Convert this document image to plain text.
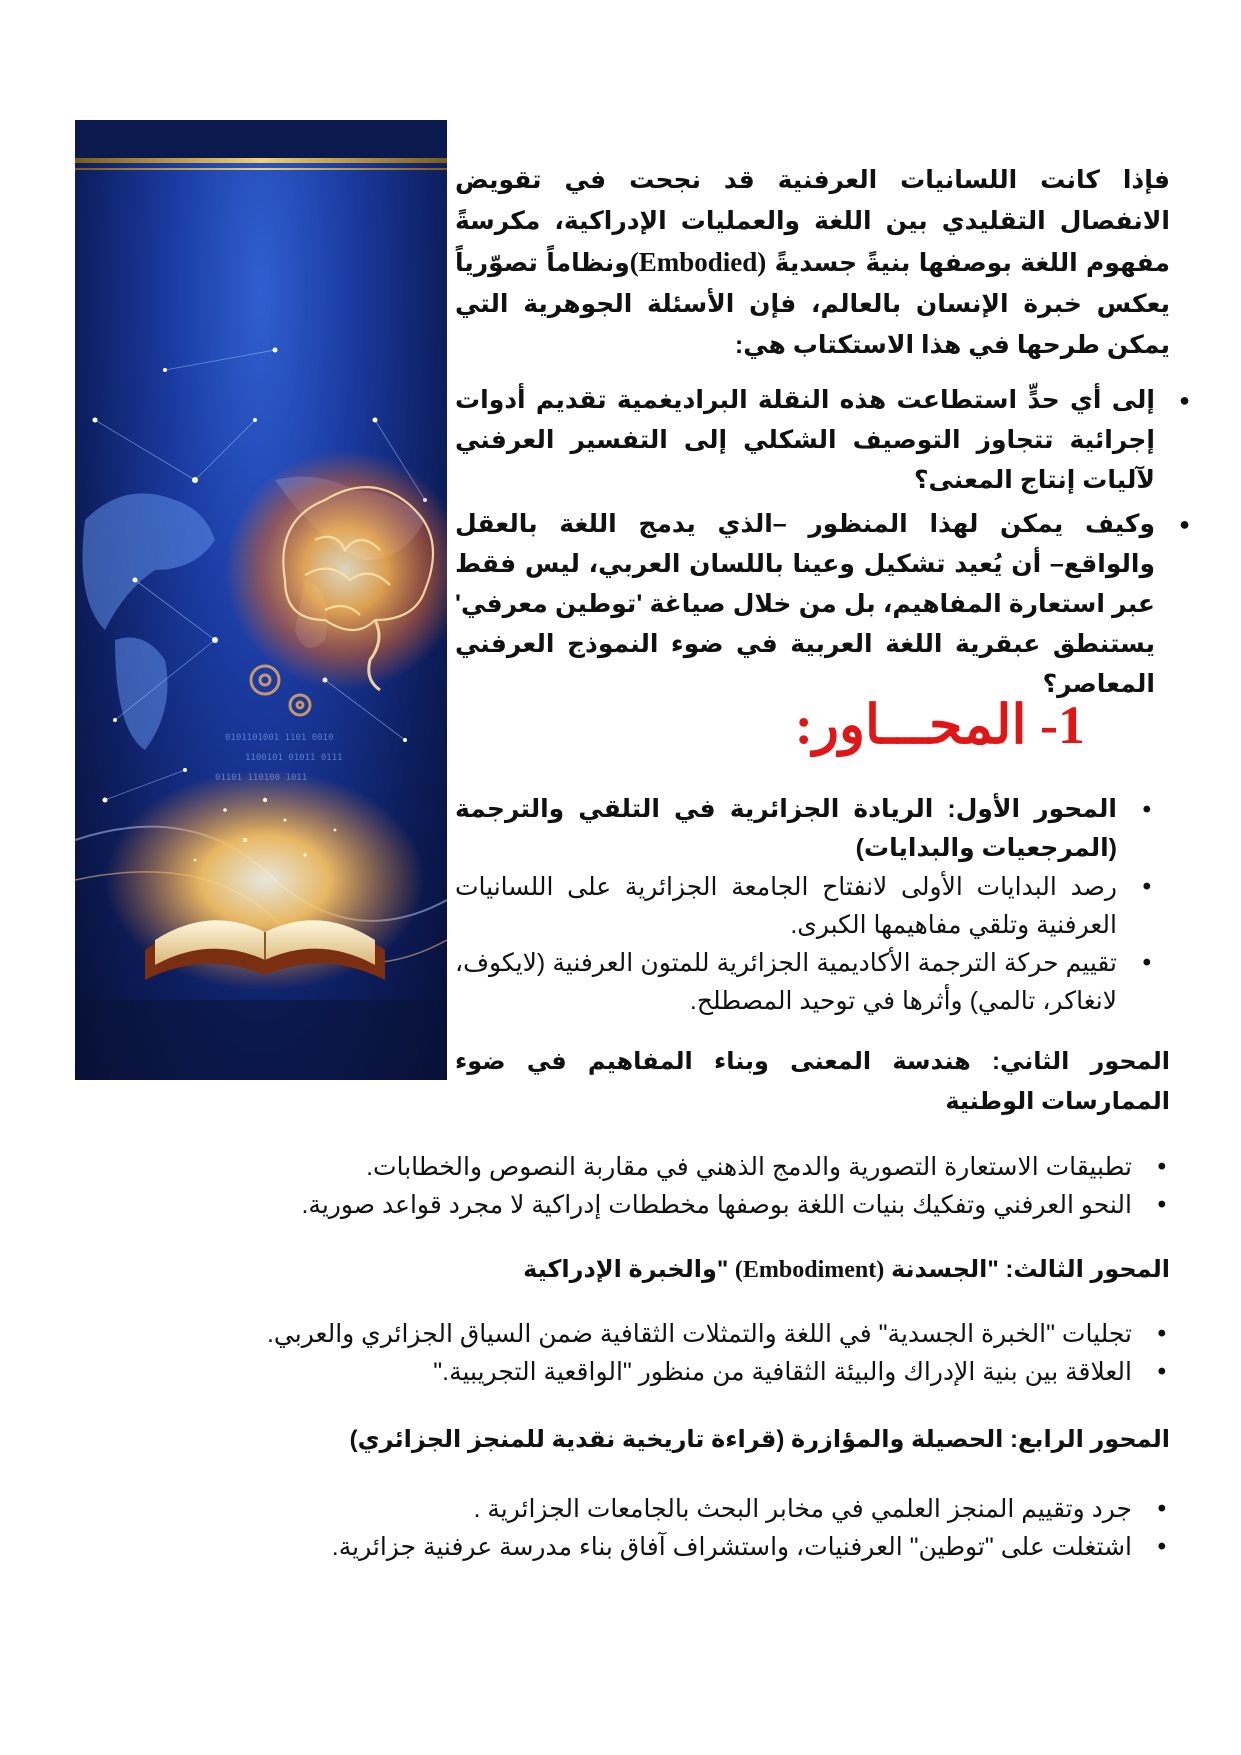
0101101001 1101 0010
1100101 01011 0111
فإذا كانت اللسانيات العرفنية قد نجحت في تقويض الانفصال التقليدي بين اللغة والعمليات الإدراكية، مكرسةً مفهوم اللغة بوصفها بنيةً جسديةً (Embodied)ونظاماً تصوّرياً يعكس خبرة الإنسان بالعالم، فإن الأسئلة الجوهرية التي يمكن طرحها في هذا الاستكتاب هي:
● إلى أي حدٍّ استطاعت هذه النقلة البراديغمية تقديم أدوات إجرائية تتجاوز التوصيف الشكلي إلى التفسير العرفني لآليات إنتاج المعنى؟
● وكيف يمكن لهذا المنظور –الذي يدمج اللغة بالعقل والواقع– أن يُعيد تشكيل وعينا باللسان العربي، ليس فقط عبر استعارة المفاهيم، بل من خلال صياغة 'توطين معرفي' يستنطق عبقرية اللغة العربية في ضوء النموذج العرفني المعاصر؟
1- المحـــاور:
• المحور الأول: الريادة الجزائرية في التلقي والترجمة (المرجعيات والبدايات)
• رصد البدايات الأولى لانفتاح الجامعة الجزائرية على اللسانيات العرفنية وتلقي مفاهيمها الكبرى.
• تقييم حركة الترجمة الأكاديمية الجزائرية للمتون العرفنية (لايكوف، لانغاكر، تالمي) وأثرها في توحيد المصطلح.
المحور الثاني: هندسة المعنى وبناء المفاهيم في ضوء الممارسات الوطنية
• تطبيقات الاستعارة التصورية والدمج الذهني في مقاربة النصوص والخطابات.
• النحو العرفني وتفكيك بنيات اللغة بوصفها مخططات إدراكية لا مجرد قواعد صورية.
المحور الثالث: "الجسدنة (Embodiment) "والخبرة الإدراكية
• تجليات "الخبرة الجسدية" في اللغة والتمثلات الثقافية ضمن السياق الجزائري والعربي.
• العلاقة بين بنية الإدراك والبيئة الثقافية من منظور "الواقعية التجريبية."
المحور الرابع: الحصيلة والمؤازرة (قراءة تاريخية نقدية للمنجز الجزائري)
• جرد وتقييم المنجز العلمي في مخابر البحث بالجامعات الجزائرية .
• اشتغلت على "توطين" العرفنيات، واستشراف آفاق بناء مدرسة عرفنية جزائرية.
